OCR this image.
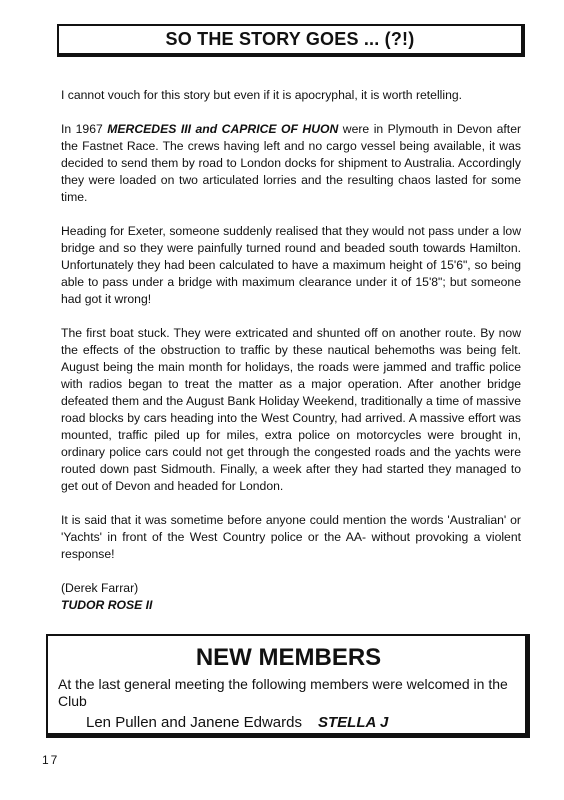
SO THE STORY GOES ... (?!)

I cannot vouch for this story but even if it is apocryphal, it is worth retelling.

In 1967 MERCEDES III and CAPRICE OF HUON were in Plymouth in Devon after the Fastnet Race. The crews having left and no cargo vessel being available, it was decided to send them by road to London docks for shipment to Australia. Accordingly they were loaded on two articulated lorries and the resulting chaos lasted for some time.

Heading for Exeter, someone suddenly realised that they would not pass under a low bridge and so they were painfully turned round and beaded south towards Hamilton. Unfortunately they had been calculated to have a maximum height of 15'6", so being able to pass under a bridge with maximum clearance under it of 15'8"; but someone had got it wrong!

The first boat stuck. They were extricated and shunted off on another route. By now the effects of the obstruction to traffic by these nautical behemoths was being felt. August being the main month for holidays, the roads were jammed and traffic police with radios began to treat the matter as a major operation. After another bridge defeated them and the August Bank Holiday Weekend, traditionally a time of massive road blocks by cars heading into the West Country, had arrived. A massive effort was mounted, traffic piled up for miles, extra police on motorcycles were brought in, ordinary police cars could not get through the congested roads and the yachts were routed down past Sidmouth. Finally, a week after they had started they managed to get out of Devon and headed for London.

It is said that it was sometime before anyone could mention the words 'Australian' or 'Yachts' in front of the West Country police or the AA- without provoking a violent response!

(Derek Farrar)
TUDOR ROSE II
NEW MEMBERS

At the last general meeting the following members were welcomed in the Club

Len Pullen and Janene Edwards STELLA J
17
